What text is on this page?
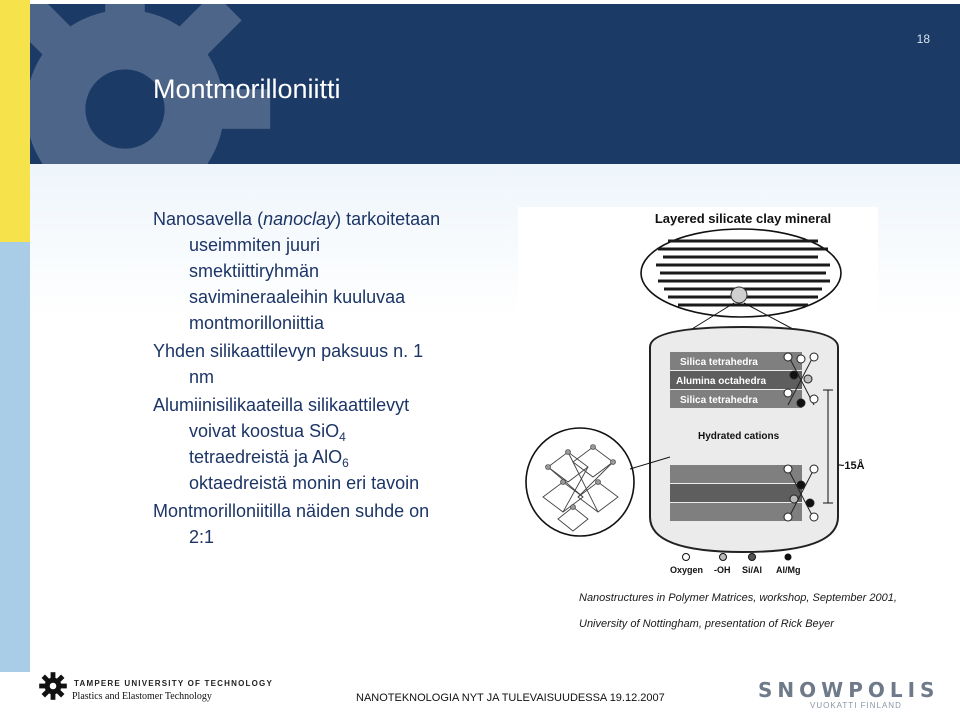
18
Montmorilloniitti

Nanosavella (nanoclay) tarkoitetaan

useimmiten juuri

smektiittiryhmän

savimineraaleihin kuuluvaa

montmorilloniittia

Yhden silikaattilevyn paksuus n. 1

nm

Alumiinisilikaateilla silikaattilevyt

voivat koostua SiO$_4$

tetraedreistä ja AlO$_6$

oktaedreistä monin eri tavoin

Montmorilloniitilla näiden suhde on

2:1

Layered silicate clay mineral
Silica tetrahedra
Alumina octahedra
Silica tetrahedra
Hydrated cations
~15Å
Oxygen -OH Si/Al Al/Mg
Nanostructures in Polymer Matrices, workshop, September 2001,
University of Nottingham, presentation of Rick Beyer
TAMPERE UNIVERSITY OF TECHNOLOGY
Plastics and Elastomer Technology	NANOTEKNOLOGIA NYT JA TULEVAISUUDESSA 19.12.2007	SNOWPOLIS
VUOKATTI FINLAND
